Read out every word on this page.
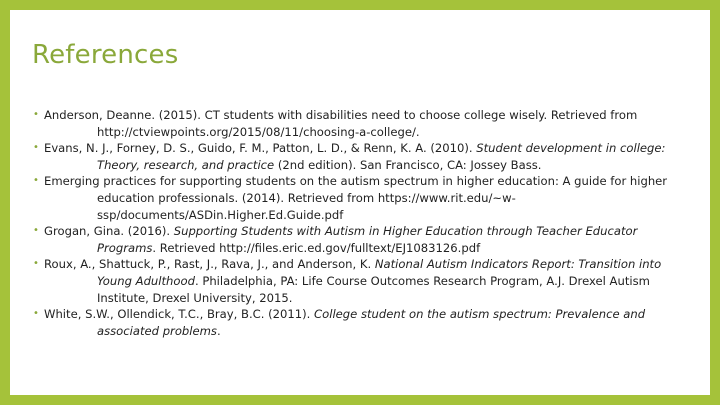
References
• Anderson, Deanne. (2015). CT students with disabilities need to choose college wisely. Retrieved from http://ctviewpoints.org/2015/08/11/choosing-a-college/.
• Evans, N. J., Forney, D. S., Guido, F. M., Patton, L. D., & Renn, K. A. (2010). Student development in college: Theory, research, and practice (2nd edition). San Francisco, CA: Jossey Bass.
• Emerging practices for supporting students on the autism spectrum in higher education: A guide for higher education professionals. (2014). Retrieved from https://www.rit.edu/~w-ssp/documents/ASDin.Higher.Ed.Guide.pdf
• Grogan, Gina. (2016). Supporting Students with Autism in Higher Education through Teacher Educator Programs. Retrieved http://files.eric.ed.gov/fulltext/EJ1083126.pdf
• Roux, A., Shattuck, P., Rast, J., Rava, J., and Anderson, K. National Autism Indicators Report: Transition into Young Adulthood. Philadelphia, PA: Life Course Outcomes Research Program, A.J. Drexel Autism Institute, Drexel University, 2015.
• White, S.W., Ollendick, T.C., Bray, B.C. (2011). College student on the autism spectrum: Prevalence and associated problems.
